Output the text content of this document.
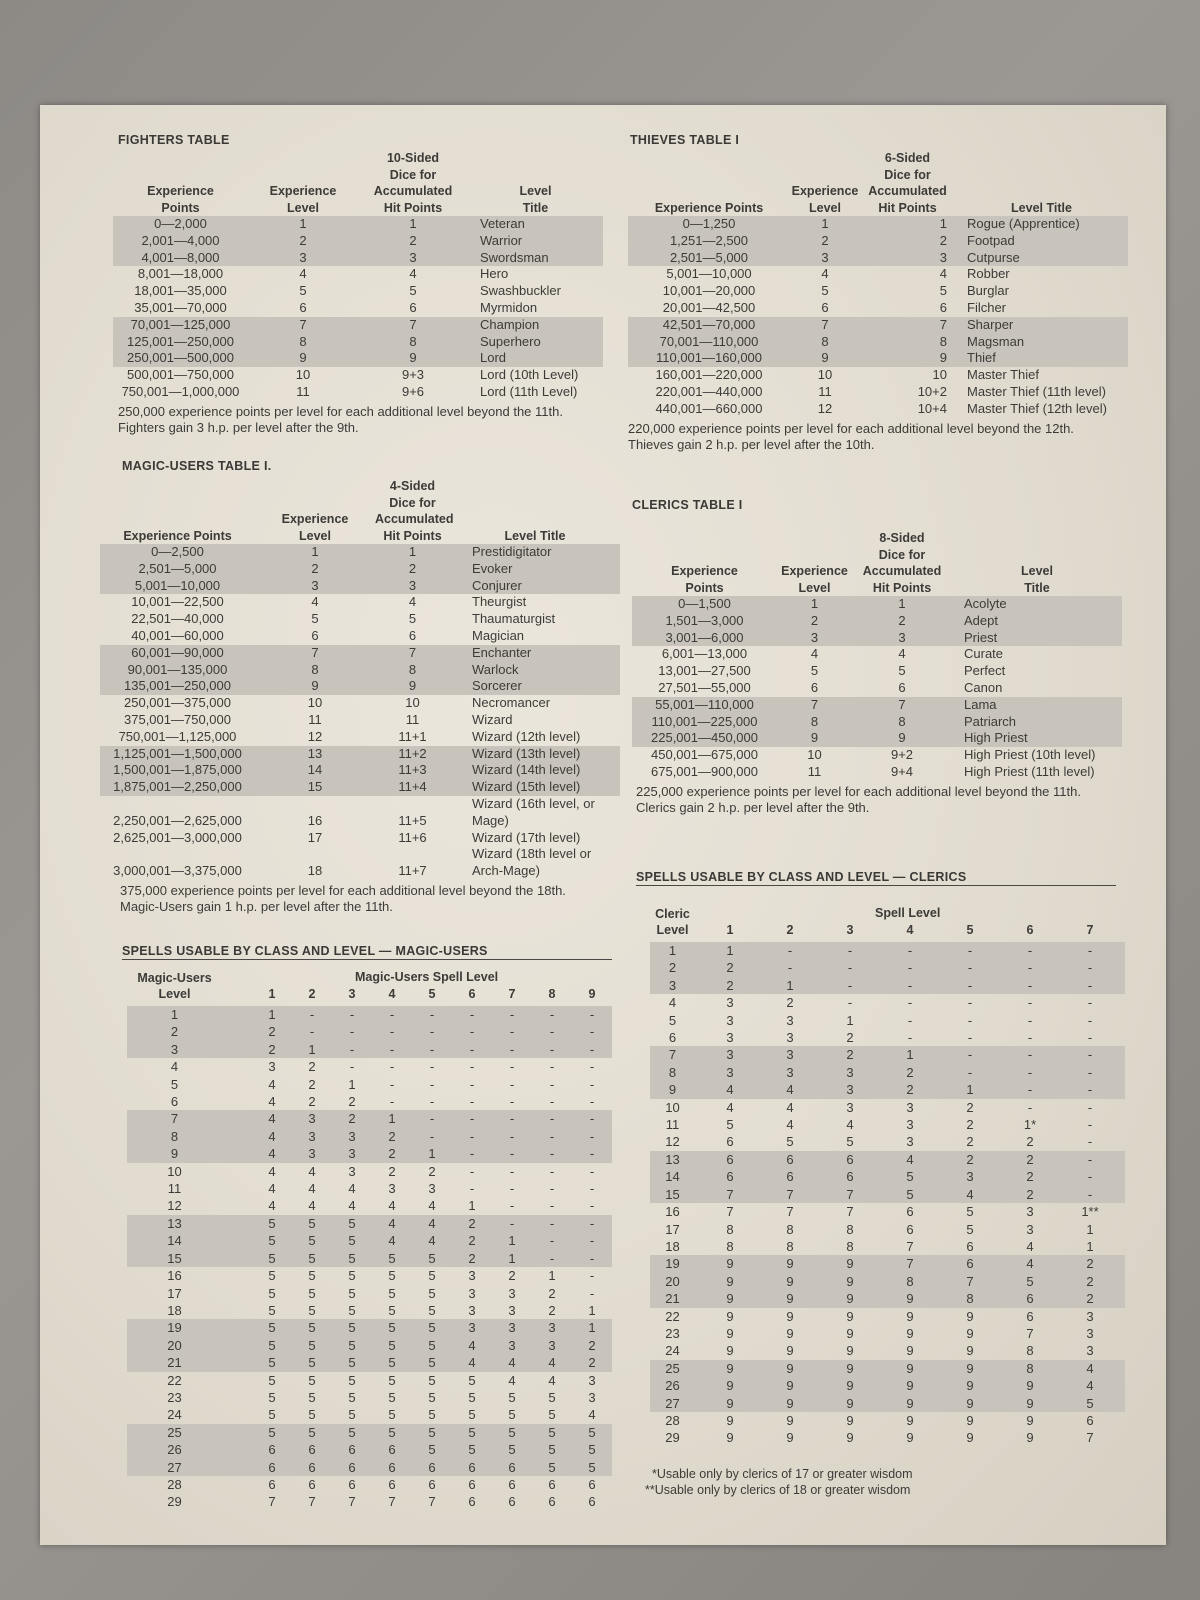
FIGHTERS TABLE
Experience
Points
Experience
Level
10-Sided
Dice for
Accumulated
Hit Points
Level
Title
0—2,000	1	1	Veteran
2,001—4,000	2	2	Warrior
4,001—8,000	3	3	Swordsman
8,001—18,000	4	4	Hero
18,001—35,000	5	5	Swashbuckler
35,001—70,000	6	6	Myrmidon
70,001—125,000	7	7	Champion
125,001—250,000	8	8	Superhero
250,001—500,000	9	9	Lord
500,001—750,000	10	9+3	Lord (10th Level)
750,001—1,000,000	11	9+6	Lord (11th Level)
250,000 experience points per level for each additional level beyond the 11th.
Fighters gain 3 h.p. per level after the 9th.
MAGIC-USERS TABLE I.
Experience Points
Experience
Level
4-Sided
Dice for
Accumulated
Hit Points	Level Title
0—2,500	1	1	Prestidigitator
2,501—5,000	2	2	Evoker
5,001—10,000	3	3	Conjurer
10,001—22,500	4	4	Theurgist
22,501—40,000	5	5	Thaumaturgist
40,001—60,000	6	6	Magician
60,001—90,000	7	7	Enchanter
90,001—135,000	8	8	Warlock
135,001—250,000	9	9	Sorcerer
250,001—375,000	10	10	Necromancer
375,001—750,000	11	11	Wizard
750,001—1,125,000	12	11+1	Wizard (12th level)
1,125,001—1,500,000	13	11+2	Wizard (13th level)
1,500,001—1,875,000	14	11+3	Wizard (14th level)
1,875,001—2,250,000	15	11+4	Wizard (15th level)
2,250,001—2,625,000	16	11+5
Wizard (16th level, or Mage)
2,625,001—3,000,000	17	11+6	Wizard (17th level)
3,000,001—3,375,000	18	11+7
Wizard (18th level or Arch-Mage)
375,000 experience points per level for each additional level beyond the 18th.
Magic-Users gain 1 h.p. per level after the 11th.
THIEVES TABLE I
Experience Points
Experience
Level
6-Sided
Dice for
Accumulated
Hit Points	Level Title
0—1,250	1	1	Rogue (Apprentice)
1,251—2,500	2	2	Footpad
2,501—5,000	3	3	Cutpurse
5,001—10,000	4	4	Robber
10,001—20,000	5	5	Burglar
20,001—42,500	6	6	Filcher
42,501—70,000	7	7	Sharper
70,001—110,000	8	8	Magsman
110,001—160,000	9	9	Thief
160,001—220,000	10	10	Master Thief
220,001—440,000	11	10+2	Master Thief (11th level)
440,001—660,000	12	10+4	Master Thief (12th level)
220,000 experience points per level for each additional level beyond the 12th.
Thieves gain 2 h.p. per level after the 10th.
CLERICS TABLE I
Experience
Points
Experience
Level
8-Sided
Dice for
Accumulated
Hit Points
Level
Title
0—1,500	1	1	Acolyte
1,501—3,000	2	2	Adept
3,001—6,000	3	3	Priest
6,001—13,000	4	4	Curate
13,001—27,500	5	5	Perfect
27,501—55,000	6	6	Canon
55,001—110,000	7	7	Lama
110,001—225,000	8	8	Patriarch
225,001—450,000	9	9	High Priest
450,001—675,000	10	9+2	High Priest (10th level)
675,001—900,000	11	9+4	High Priest (11th level)
225,000 experience points per level for each additional level beyond the 11th.
Clerics gain 2 h.p. per level after the 9th.
SPELLS USABLE BY CLASS AND LEVEL — MAGIC-USERS
Magic-Users Spell Level
Magic-Users
Level	1	2	3	4	5	6	7	8	9
1	1	-	-	-	-	-	-	-	-
2	2	-	-	-	-	-	-	-	-
3	2	1	-	-	-	-	-	-	-
4	3	2	-	-	-	-	-	-	-
5	4	2	1	-	-	-	-	-	-
6	4	2	2	-	-	-	-	-	-
7	4	3	2	1	-	-	-	-	-
8	4	3	3	2	-	-	-	-	-
9	4	3	3	2	1	-	-	-	-
10	4	4	3	2	2	-	-	-	-
11	4	4	4	3	3	-	-	-	-
12	4	4	4	4	4	1	-	-	-
13	5	5	5	4	4	2	-	-	-
14	5	5	5	4	4	2	1	-	-
15	5	5	5	5	5	2	1	-	-
16	5	5	5	5	5	3	2	1	-
17	5	5	5	5	5	3	3	2	-
18	5	5	5	5	5	3	3	2	1
19	5	5	5	5	5	3	3	3	1
20	5	5	5	5	5	4	3	3	2
21	5	5	5	5	5	4	4	4	2
22	5	5	5	5	5	5	4	4	3
23	5	5	5	5	5	5	5	5	3
24	5	5	5	5	5	5	5	5	4
25	5	5	5	5	5	5	5	5	5
26	6	6	6	6	5	5	5	5	5
27	6	6	6	6	6	6	6	5	5
28	6	6	6	6	6	6	6	6	6
29	7	7	7	7	7	6	6	6	6
SPELLS USABLE BY CLASS AND LEVEL — CLERICS
Spell Level
Cleric
Level	1	2	3	4	5	6	7
1	1	-	-	-	-	-	-
2	2	-	-	-	-	-	-
3	2	1	-	-	-	-	-
4	3	2	-	-	-	-	-
5	3	3	1	-	-	-	-
6	3	3	2	-	-	-	-
7	3	3	2	1	-	-	-
8	3	3	3	2	-	-	-
9	4	4	3	2	1	-	-
10	4	4	3	3	2	-	-
11	5	4	4	3	2	1*	-
12	6	5	5	3	2	2	-
13	6	6	6	4	2	2	-
14	6	6	6	5	3	2	-
15	7	7	7	5	4	2	-
16	7	7	7	6	5	3	1**
17	8	8	8	6	5	3	1
18	8	8	8	7	6	4	1
19	9	9	9	7	6	4	2
20	9	9	9	8	7	5	2
21	9	9	9	9	8	6	2
22	9	9	9	9	9	6	3
23	9	9	9	9	9	7	3
24	9	9	9	9	9	8	3
25	9	9	9	9	9	8	4
26	9	9	9	9	9	9	4
27	9	9	9	9	9	9	5
28	9	9	9	9	9	9	6
29	9	9	9	9	9	9	7
*Usable only by clerics of 17 or greater wisdom
**Usable only by clerics of 18 or greater wisdom
